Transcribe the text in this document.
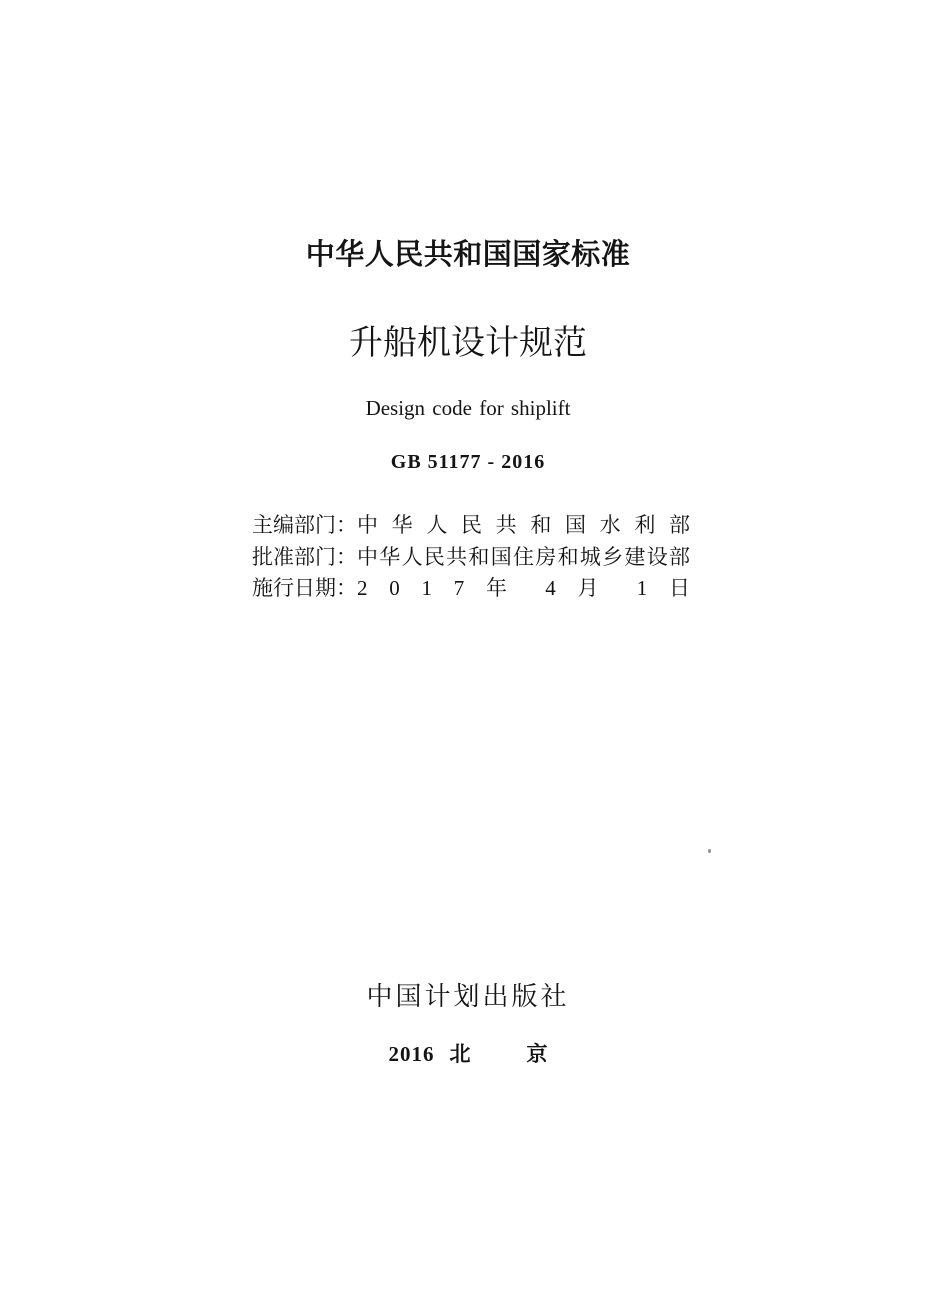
中华人民共和国国家标准
升船机设计规范
Design code for shiplift
GB 51177 - 2016
主编部门： 中 华 人 民 共 和 国 水 利 部
批准部门： 中华人民共和国住房和城乡建设部
施行日期： 2 0 1 7 年 4 月 1 日
中国计划出版社
2016 北	京
